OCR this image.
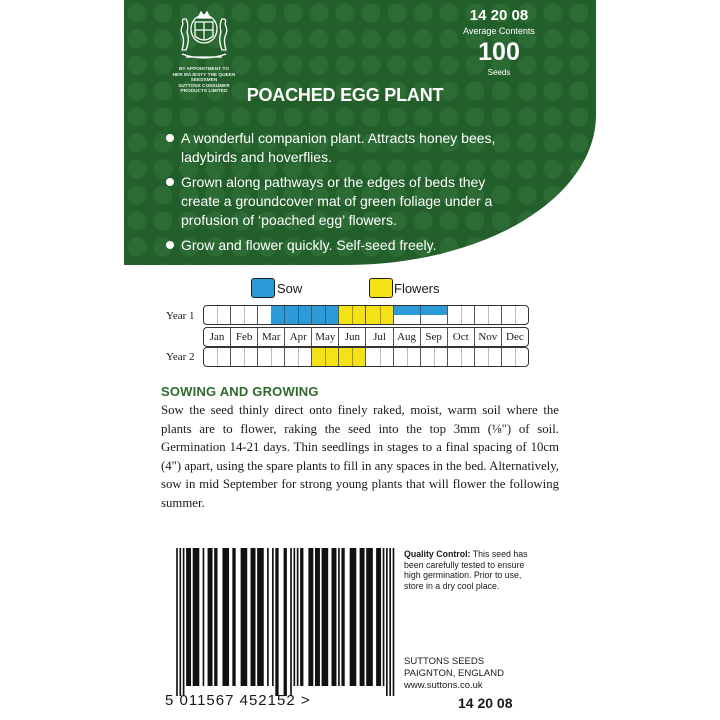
BY APPOINTMENT TO
HER MAJESTY THE QUEEN
SEEDSMEN
SUTTONS CONSUMER
PRODUCTS LIMITED
14 20 08
Average Contents
100
Seeds
POACHED EGG PLANT
A wonderful companion plant. Attracts honey bees, ladybirds and hoverflies.
Grown along pathways or the edges of beds they create a groundcover mat of green foliage under a profusion of ‘poached egg’ flowers.
Grow and flower quickly. Self-seed freely.
Sow	Flowers
Year 1
Jan	Feb Mar Apr May Jun	Jul	Aug Sep Oct Nov Dec
Year 2
SOWING AND GROWING

Sow the seed thinly direct onto finely raked, moist, warm soil where the plants are to flower, raking the seed into the top 3mm (⅛") of soil. Germination 14-21 days. Thin seedlings in stages to a final spacing of 10cm (4") apart, using the spare plants to fill in any spaces in the bed. Alternatively, sow in mid September for strong young plants that will flower the following summer.

5 011567 452152 >
Quality Control: This seed has been carefully tested to ensure high germination. Prior to use, store in a dry cool place.
SUTTONS SEEDS
PAIGNTON, ENGLAND
www.suttons.co.uk
14 20 08
